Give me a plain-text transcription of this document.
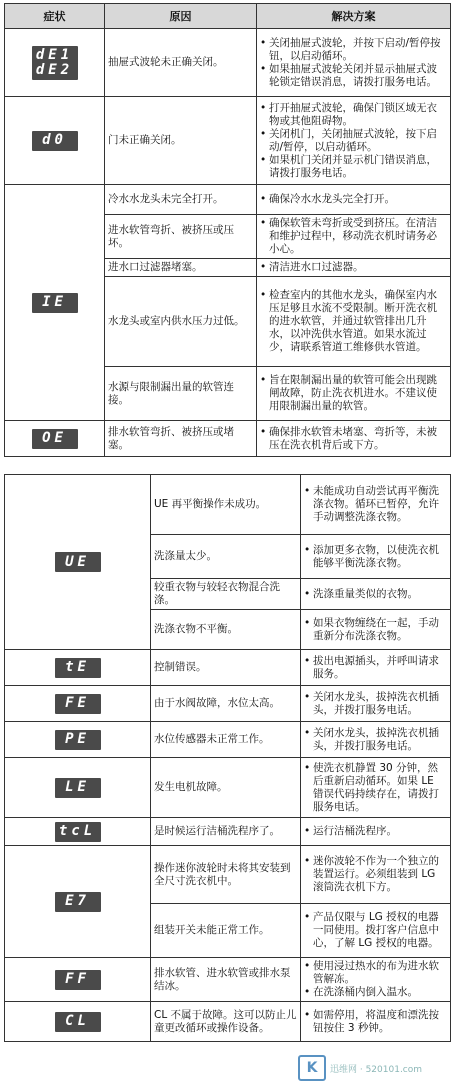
症状	原因	解决方案

dE1
dE2	抽屉式波轮未正确关闭。	• 关闭抽屉式波轮，并按下启动/暂停按钮，以启动循环。
• 如果抽屉式波轮关闭并显示抽屉式波轮锁定错误消息，请拨打服务电话。

d0	门未正确关闭。	• 打开抽屉式波轮，确保门锁区域无衣物或其他阻碍物。
• 关闭机门，关闭抽屉式波轮，按下启动/暂停，以启动循环。
• 如果机门关闭并显示机门错误消息，请拨打服务电话。

IE	冷水水龙头未完全打开。	• 确保冷水水龙头完全打开。

	进水软管弯折、被挤压或压坏。	• 确保软管未弯折或受到挤压。在清洁和维护过程中，移动洗衣机时请务必小心。

	进水口过滤器堵塞。	• 清洁进水口过滤器。

	水龙头或室内供水压力过低。	• 检查室内的其他水龙头，确保室内水压足够且水流不受限制。断开洗衣机的进水软管，并通过软管排出几升水，以冲洗供水管道。如果水流过少，请联系管道工维修供水管道。

	水源与限制漏出量的软管连接。	• 旨在限制漏出量的软管可能会出现跳闸故障，防止洗衣机进水。不建议使用限制漏出量的软管。

OE	排水软管弯折、被挤压或堵塞。	• 确保排水软管未堵塞、弯折等，未被压在洗衣机背后或下方。
UE	UE 再平衡操作未成功。	• 未能成功自动尝试再平衡洗涤衣物。循环已暂停，允许手动调整洗涤衣物。

	洗涤量太少。	• 添加更多衣物，以使洗衣机能够平衡洗涤衣物。

	较重衣物与较轻衣物混合洗涤。	• 洗涤重量类似的衣物。

	洗涤衣物不平衡。	• 如果衣物缠绕在一起，手动重新分布洗涤衣物。

tE	控制错误。	• 拔出电源插头，并呼叫请求服务。

FE	由于水阀故障，水位太高。	• 关闭水龙头，拔掉洗衣机插头，并拨打服务电话。

PE	水位传感器未正常工作。	• 关闭水龙头，拔掉洗衣机插头，并拨打服务电话。

LE	发生电机故障。	• 使洗衣机静置 30 分钟，然后重新启动循环。如果 LE 错误代码持续存在，请拨打服务电话。

tcL	是时候运行洁桶洗程序了。	• 运行洁桶洗程序。

E7	操作迷你波轮时未将其安装到全尺寸洗衣机中。	• 迷你波轮不作为一个独立的装置运行。必须组装到 LG 滚筒洗衣机下方。

	组装开关未能正常工作。	• 产品仅限与 LG 授权的电器一同使用。拨打客户信息中心，了解 LG 授权的电器。

FF	排水软管、进水软管或排水泵结冰。	• 使用浸过热水的布为进水软管解冻。
• 在洗涤桶内倒入温水。

CL	CL 不属于故障。这可以防止儿童更改循环或操作设备。	• 如需停用，将温度和漂洗按钮按住 3 秒钟。
K	迅维网 · 520101.com
